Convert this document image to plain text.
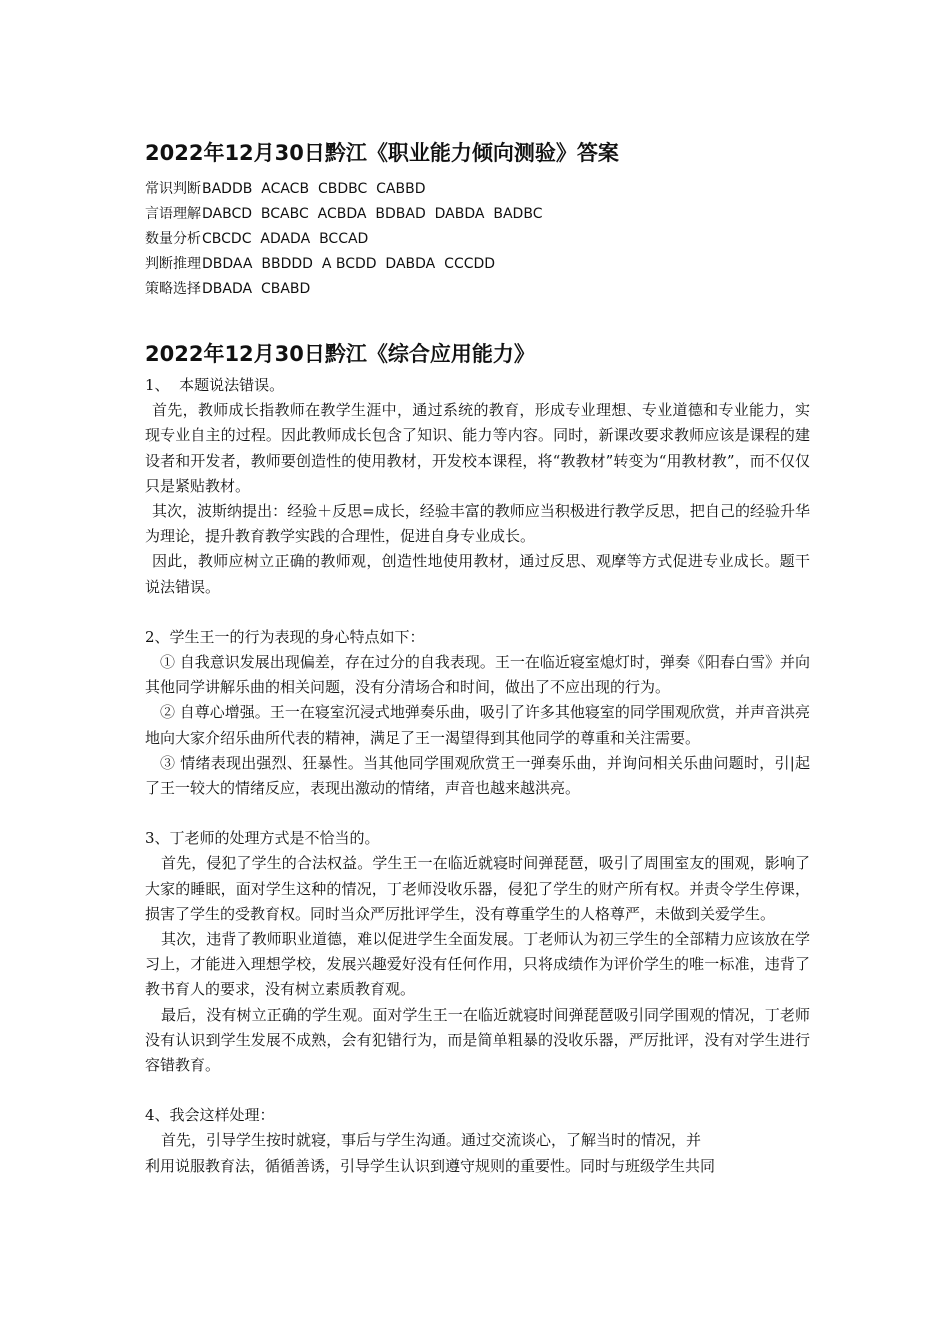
2022年12月30日黔江《职业能力倾向测验》答案
常识判断BADDB  ACACB  CBDBC  CABBD
言语理解DABCD  BCABC  ACBDA  BDBAD  DABDA  BADBC
数量分析CBCDC  ADADA  BCCAD
判断推理DBDAA  BBDDD  A BCDD  DABDA  CCCDD
策略选择DBADA  CBABD
2022年12月30日黔江《综合应用能力》

1、  本题说法错误。

首先，教师成长指教师在教学生涯中，通过系统的教育，形成专业理想、专业道德和专业能力，实现专业自主的过程。因此教师成长包含了知识、能力等内容。同时，新课改要求教师应该是课程的建设者和开发者，教师要创造性的使用教材，开发校本课程，将“教教材”转变为“用教材教”，而不仅仅只是紧贴教材。

其次，波斯纳提出：经验＋反思=成长，经验丰富的教师应当积极进行教学反思，把自己的经验升华为理论，提升教育教学实践的合理性，促进自身专业成长。

因此，教师应树立正确的教师观，创造性地使用教材，通过反思、观摩等方式促进专业成长。题干说法错误。

2、学生王一的行为表现的身心特点如下：

① 自我意识发展出现偏差，存在过分的自我表现。王一在临近寝室熄灯时，弹奏《阳春白雪》并向其他同学讲解乐曲的相关问题，没有分清场合和时间，做出了不应出现的行为。

② 自尊心增强。王一在寝室沉浸式地弹奏乐曲，吸引了许多其他寝室的同学围观欣赏，并声音洪亮地向大家介绍乐曲所代表的精神，满足了王一渴望得到其他同学的尊重和关注需要。

③ 情绪表现出强烈、狂暴性。当其他同学围观欣赏王一弹奏乐曲，并询问相关乐曲问题时，引|起了王一较大的情绪反应，表现出激动的情绪，声音也越来越洪亮。

3、丁老师的处理方式是不恰当的。

首先，侵犯了学生的合法权益。学生王一在临近就寝时间弹琵琶，吸引了周围室友的围观，影响了大家的睡眠，面对学生这种的情况，丁老师没收乐器，侵犯了学生的财产所有权。并责令学生停课，损害了学生的受教育权。同时当众严厉批评学生，没有尊重学生的人格尊严，未做到关爱学生。

其次，违背了教师职业道德，难以促进学生全面发展。丁老师认为初三学生的全部精力应该放在学习上，才能进入理想学校，发展兴趣爱好没有任何作用，只将成绩作为评价学生的唯一标准，违背了教书育人的要求，没有树立素质教育观。

最后，没有树立正确的学生观。面对学生王一在临近就寝时间弹琵琶吸引同学围观的情况，丁老师没有认识到学生发展不成熟，会有犯错行为，而是简单粗暴的没收乐器，严厉批评，没有对学生进行容错教育。

4、我会这样处理：

首先，引导学生按时就寝，事后与学生沟通。通过交流谈心，了解当时的情况，并

利用说服教育法，循循善诱，引导学生认识到遵守规则的重要性。同时与班级学生共同
